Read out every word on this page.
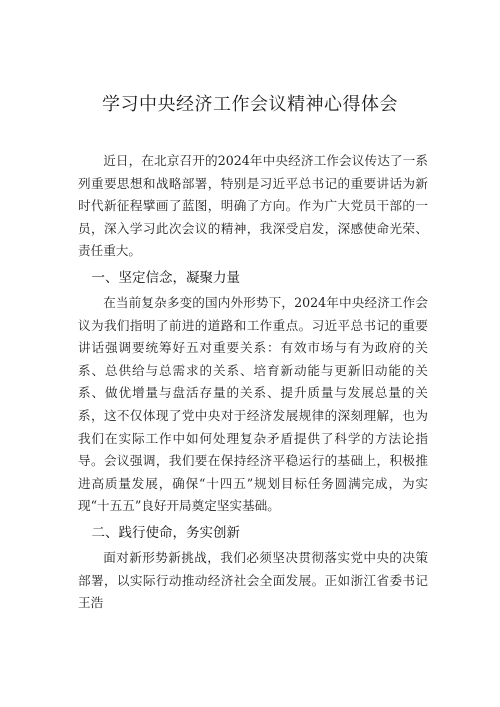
学习中央经济工作会议精神心得体会

近日，在北京召开的2024年中央经济工作会议传达了一系列重要思想和战略部署，特别是习近平总书记的重要讲话为新时代新征程擘画了蓝图，明确了方向。作为广大党员干部的一员，深入学习此次会议的精神，我深受启发，深感使命光荣、责任重大。

一、坚定信念，凝聚力量

在当前复杂多变的国内外形势下，2024年中央经济工作会议为我们指明了前进的道路和工作重点。习近平总书记的重要讲话强调要统筹好五对重要关系：有效市场与有为政府的关系、总供给与总需求的关系、培育新动能与更新旧动能的关系、做优增量与盘活存量的关系、提升质量与发展总量的关系，这不仅体现了党中央对于经济发展规律的深刻理解，也为我们在实际工作中如何处理复杂矛盾提供了科学的方法论指导。会议强调，我们要在保持经济平稳运行的基础上，积极推进高质量发展，确保“十四五”规划目标任务圆满完成，为实现“十五五”良好开局奠定坚实基础。

二、践行使命，务实创新

面对新形势新挑战，我们必须坚决贯彻落实党中央的决策部署，以实际行动推动经济社会全面发展。正如浙江省委书记王浩
